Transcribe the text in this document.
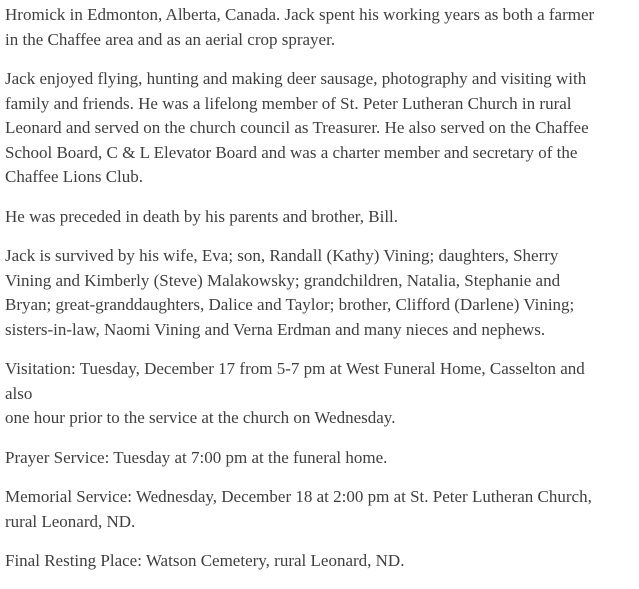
Hromick in Edmonton, Alberta, Canada. Jack spent his working years as both a farmer
in the Chaffee area and as an aerial crop sprayer.

Jack enjoyed flying, hunting and making deer sausage, photography and visiting with
family and friends. He was a lifelong member of St. Peter Lutheran Church in rural
Leonard and served on the church council as Treasurer. He also served on the Chaffee
School Board, C & L Elevator Board and was a charter member and secretary of the
Chaffee Lions Club.

He was preceded in death by his parents and brother, Bill.

Jack is survived by his wife, Eva; son, Randall (Kathy) Vining; daughters, Sherry
Vining and Kimberly (Steve) Malakowsky; grandchildren, Natalia, Stephanie and
Bryan; great-granddaughters, Dalice and Taylor; brother, Clifford (Darlene) Vining;
sisters-in-law, Naomi Vining and Verna Erdman and many nieces and nephews.

Visitation: Tuesday, December 17 from 5-7 pm at West Funeral Home, Casselton and
also
one hour prior to the service at the church on Wednesday.

Prayer Service: Tuesday at 7:00 pm at the funeral home.

Memorial Service: Wednesday, December 18 at 2:00 pm at St. Peter Lutheran Church,
rural Leonard, ND.

Final Resting Place: Watson Cemetery, rural Leonard, ND.
